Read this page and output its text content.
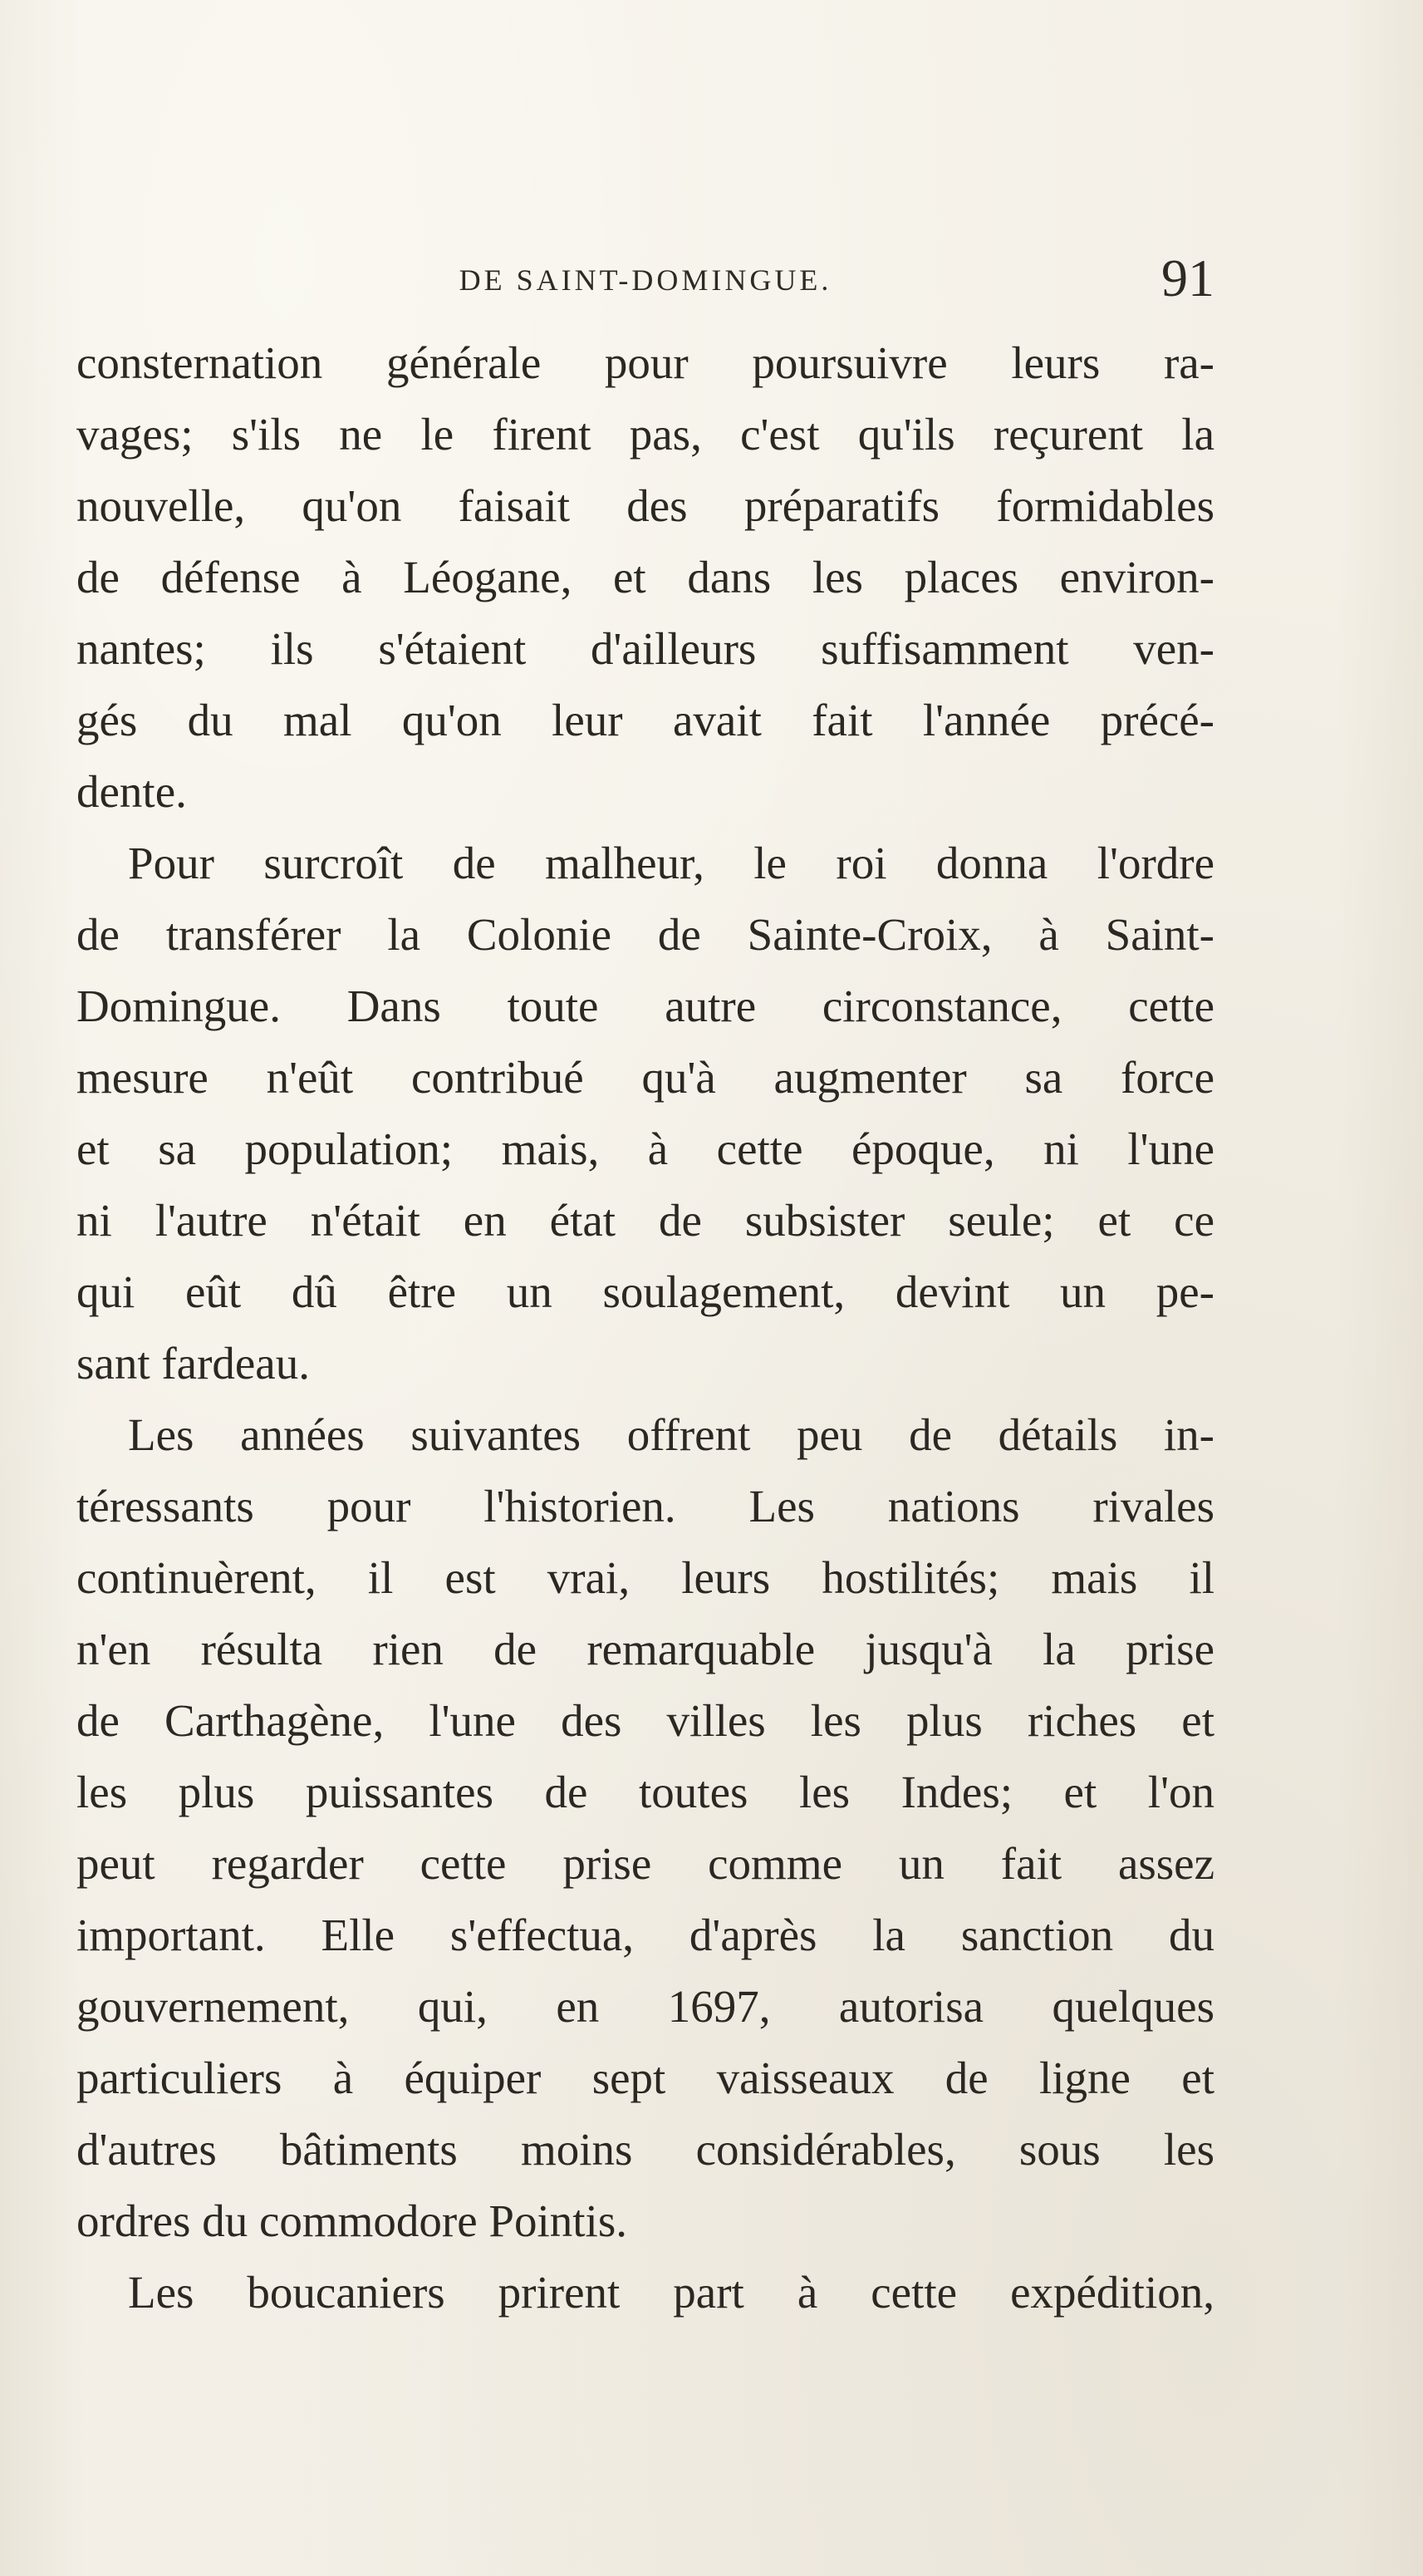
DE SAINT-DOMINGUE.	91
consternation générale pour poursuivre leurs ra-
vages; s'ils ne le firent pas, c'est qu'ils reçurent la
nouvelle, qu'on faisait des préparatifs formidables
de défense à Léogane, et dans les places environ-
nantes; ils s'étaient d'ailleurs suffisamment ven-
gés du mal qu'on leur avait fait l'année précé-
dente.
Pour surcroît de malheur, le roi donna l'ordre
de transférer la Colonie de Sainte-Croix, à Saint-
Domingue. Dans toute autre circonstance, cette
mesure n'eût contribué qu'à augmenter sa force
et sa population; mais, à cette époque, ni l'une
ni l'autre n'était en état de subsister seule; et ce
qui eût dû être un soulagement, devint un pe-
sant fardeau.
Les années suivantes offrent peu de détails in-
téressants pour l'historien. Les nations rivales
continuèrent, il est vrai, leurs hostilités; mais il
n'en résulta rien de remarquable jusqu'à la prise
de Carthagène, l'une des villes les plus riches et
les plus puissantes de toutes les Indes; et l'on
peut regarder cette prise comme un fait assez
important. Elle s'effectua, d'après la sanction du
gouvernement, qui, en 1697, autorisa quelques
particuliers à équiper sept vaisseaux de ligne et
d'autres bâtiments moins considérables, sous les
ordres du commodore Pointis.
Les boucaniers prirent part à cette expédition,
